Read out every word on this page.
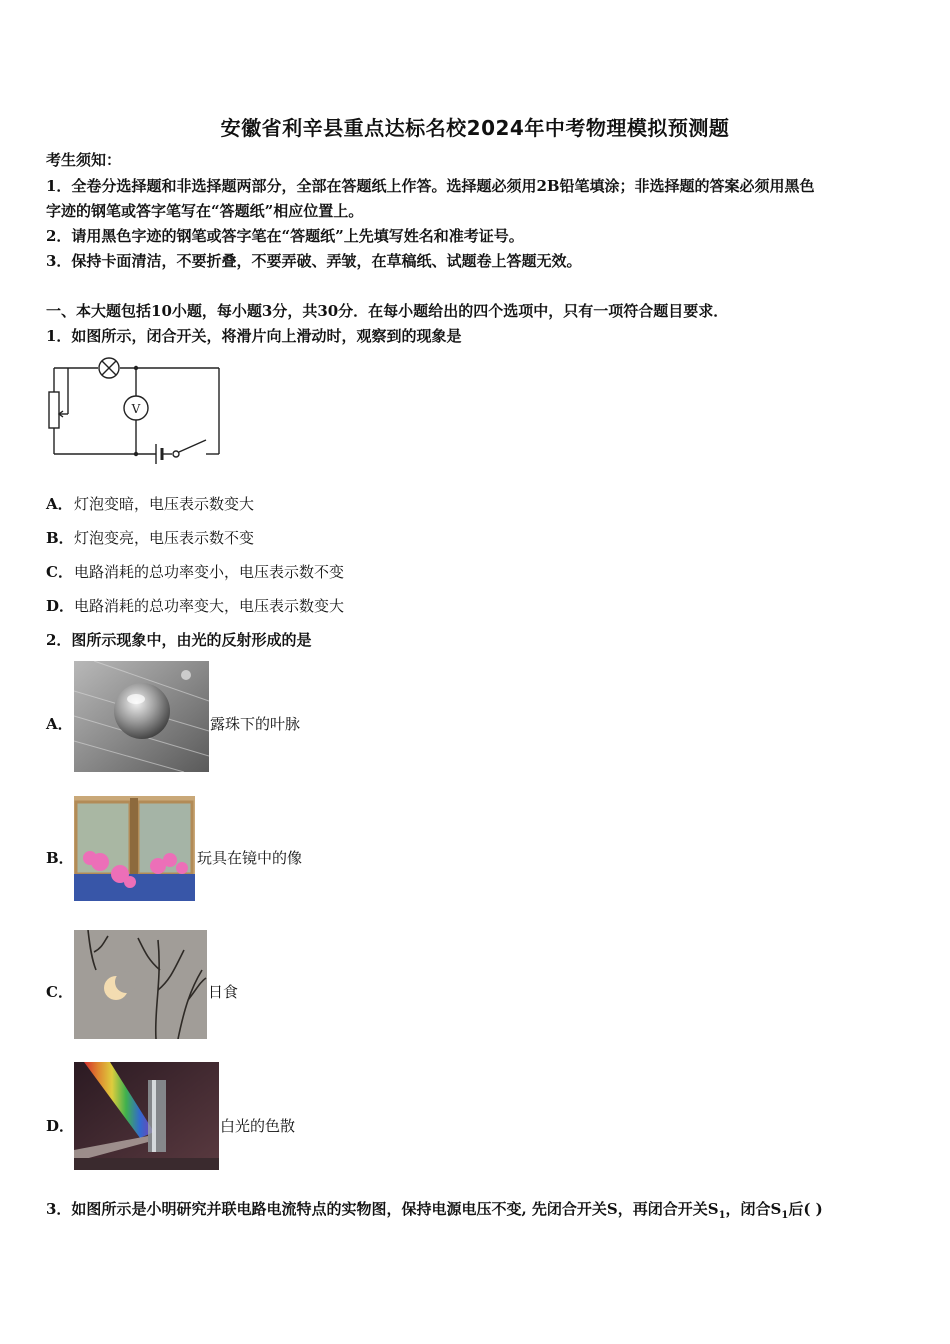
安徽省利辛县重点达标名校2024年中考物理模拟预测题
考生须知：
1．全卷分选择题和非选择题两部分，全部在答题纸上作答。选择题必须用2B铅笔填涂；非选择题的答案必须用黑色
字迹的钢笔或答字笔写在“答题纸”相应位置上。
2．请用黑色字迹的钢笔或答字笔在“答题纸”上先填写姓名和准考证号。
3．保持卡面清洁，不要折叠，不要弄破、弄皱，在草稿纸、试题卷上答题无效。
一、本大题包括10小题，每小题3分，共30分．在每小题给出的四个选项中，只有一项符合题目要求．
1．如图所示，闭合开关，将滑片向上滑动时，观察到的现象是
V
A．灯泡变暗，电压表示数变大
B．灯泡变亮，电压表示数不变
C．电路消耗的总功率变小，电压表示数不变
D．电路消耗的总功率变大，电压表示数变大
2．图所示现象中，由光的反射形成的是
A．	露珠下的叶脉
B．	玩具在镜中的像
C．	日食
D．	白光的色散
3．如图所示是小明研究并联电路电流特点的实物图，保持电源电压不变, 先闭合开关S，再闭合开关$S_1$，闭合$S_1$后( )
